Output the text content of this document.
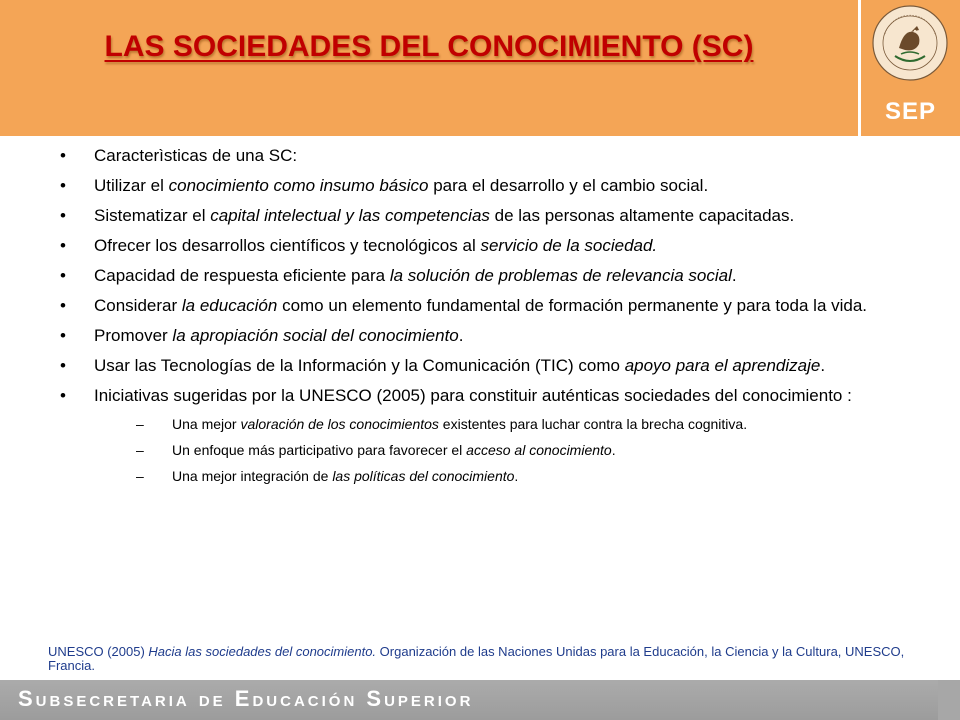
LAS SOCIEDADES DEL CONOCIMIENTO (SC)
SEP
• Caracterìsticas de una SC:
• Utilizar el conocimiento como insumo básico para el desarrollo y el cambio social.
• Sistematizar el capital intelectual y las competencias de las personas altamente capacitadas.
• Ofrecer los desarrollos científicos y tecnológicos al servicio de la sociedad.
• Capacidad de respuesta eficiente para la solución de problemas de relevancia social.
• Considerar la educación como un elemento fundamental de formación permanente y para toda la vida.
• Promover la apropiación social del conocimiento.
• Usar las Tecnologías de la Información y la Comunicación (TIC) como apoyo para el aprendizaje.
• Iniciativas sugeridas por la UNESCO (2005) para constituir auténticas sociedades del conocimiento :
– Una mejor valoración de los conocimientos existentes para luchar contra la brecha cognitiva.
– Un enfoque más participativo para favorecer el acceso al conocimiento.
– Una mejor integración de las políticas del conocimiento.
UNESCO (2005) Hacia las sociedades del conocimiento. Organización de las Naciones Unidas para la Educación, la Ciencia y la Cultura, UNESCO, Francia.
Subsecretaria de Educación Superior
